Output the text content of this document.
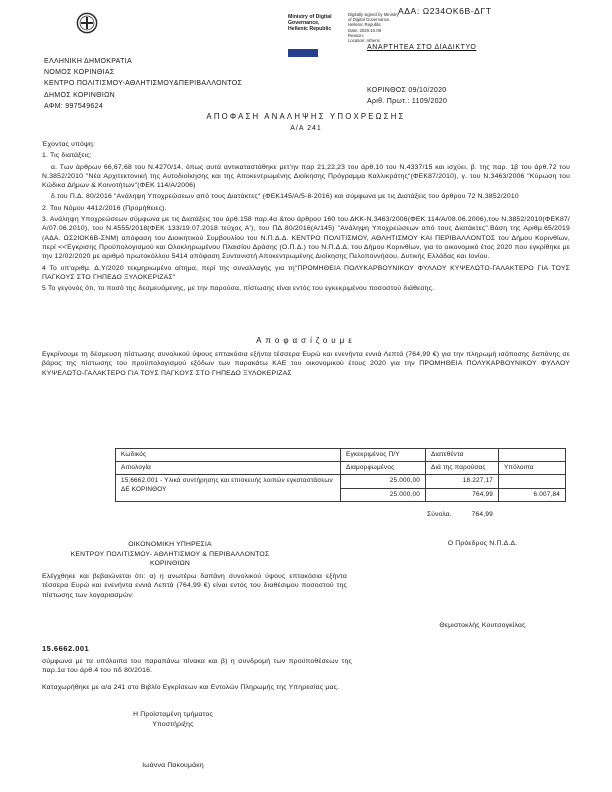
ΑΔΑ: Ω234ΟΚ6Β-ΔΓΤ
Ministry of Digital
Governance,
Hellenic Republic
Digitally signed by Ministry
of Digital Governance,
Hellenic Republic
Date: 2020.10.09
Reason:
Location: Athens
ΑΝΑΡΤΗΤΕΑ ΣΤΟ ΔΙΑΔΙΚΤΥΟ
ΕΛΛΗΝΙΚΗ ΔΗΜΟΚΡΑΤΙΑ
ΝΟΜΟΣ ΚΟΡΙΝΘΙΑΣ
ΚΕΝΤΡΟ ΠΟΛΙΤΙΣΜΟΥ-ΑΘΛΗΤΙΣΜΟΥ&ΠΕΡΙΒΑΛΛΟΝΤΟΣ
ΔΗΜΟΣ ΚΟΡΙΝΘΙΩΝ
ΑΦΜ: 997549624
ΚΟΡΙΝΘΟΣ 09/10/2020
Αριθ. Πρωτ.: 1109/2020
ΑΠΟΦΑΣΗ ΑΝΑΛΗΨΗΣ ΥΠΟΧΡΕΩΣΗΣ
Α/Α 241

Έχοντας υπόψη:

1. Τις διατάξεις:

α. Των άρθρων 66,67,68 του Ν.4270/14, όπως αυτά αντικαταστάθηκε μετ'ην παρ 21,22,23 του άρθ.10 του Ν.4337/15 και ισχύει, β. της παρ. 1β του άρθ.72 του Ν.3852/2010 "Νέα Αρχιτεκτονική της Αυτοδιοίκησης και της Αποκεντρωμένης Διοίκησης Πρόγραμμα Καλλικράτης"(ΦΕΚ87/2010), γ. του Ν.3463/2006 "Κύρωση του Κώδικα Δήμων & Κοινοτήτων"(ΦΕΚ 114/Α/2006)

δ.του Π.Δ. 80/2016 "Ανάληψη Υποχρεώσεων από τους Διατάκτες" (ΦΕΚ145/Α/5-8-2016) και σύμφωνα με τις Διατάξεις του άρθρου 72 Ν.3852/2010

2. Του Νόμου 4412/2016 (Προμήθειες).

3. Ανάληψη Υποχρεώσεων σύμφωνα με τις Διατάξεις του άρθ.158 παρ.4α &του άρθρου 160 του ΔΚΚ-Ν.3463/2006(ΦΕΚ 114/Α/08.06.2006),του Ν.3852/2010(ΦΕΚ87/Α/07.06.2010), του Ν.4555/2018(ΦΕΚ 133/19.07.2018 τεύχος Α'), του ΠΔ 80/2016(Α/145) "Ανάληψη Υποχρεώσεων από τους Διατάκτες".Βάση της Αριθμ.65/2019 (ΑΔΑ. ΩΣ2ΙΟΚ6Β-ΣΝΜ) απόφαση του Διοικητικού Συμβουλίου του Ν.Π.Δ.Δ. ΚΕΝΤΡΟ ΠΟΛΙΤΙΣΜΟΥ, ΑΘΛΗΤΙΣΜΟΥ ΚΑΙ ΠΕΡΙΒΑΛΛΟΝΤΟΣ του Δήμου Κορινθίων, περί <<Έγκρισης Προϋπολογισμού και Ολοκληρωμένου Πλαισίου Δράσης (Ο.Π.Δ.) του Ν.Π.Δ.Δ. του Δήμου Κορινθίων, για το οικονομικό έτος 2020 που εγκρίθηκε με την 12/02/2020 με αριθμό πρωτοκόλλου 5414 απόφαση Συντονιστή Αποκεντρωμένης Διοίκησης Πελοποννήσου, Δυτικής Ελλάδας και Ιονίου.

4 Το υπ'αριθμ. Δ.Υ/2020 τεκμηριωμένο αίτημα, περί της συναλλαγής για τη"ΠΡΟΜΗΘΕΙΑ ΠΟΛΥΚΑΡΒΟΥΝΙΚΟΥ ΦΥΛΛΟΥ ΚΥΨΕΛΩΤΟ-ΓΑΛΑΚΤΕΡΟ ΓΙΑ ΤΟΥΣ ΠΑΓΚΟΥΣ ΣΤΟ ΓΗΠΕΔΟ ΞΥΛΟΚΕΡΙΖΑΣ"

5 Το γεγονός ότι, το ποσό της δεσμευόμενης, με την παρούσα, πίστωσης είναι εντός του εγκεκριμένου ποσοστού διάθεσης.

Αποφασίζουμε
Εγκρίνουμε τη δέσμευση πίστωσης συνολικού ύψους επτακόσια εξήντα τέσσερα Ευρώ και ενενήντα εννιά Λεπτά (764,99 €) για την πληρωμή ισόποσης δαπάνης σε βάρος της πίστωσης του προϋπολογισμού εξόδων των παρακάτω ΚΑΕ του οικονομικού έτους 2020 για την ΠΡΟΜΗΘΕΙΑ ΠΟΛΥΚΑΡΒΟΥΝΙΚΟΥ ΦΥΛΛΟΥ ΚΥΨΕΛΩΤΟ-ΓΑΛΑΚΤΕΡΟ ΓΙΑ ΤΟΥΣ ΠΑΓΚΟΥΣ ΣΤΟ ΓΗΠΕΔΟ ΞΥΛΟΚΕΡΙΖΑΣ
Κωδικός	Εγκεκριμένος Π/Υ	Διατεθέντα	
Αιτιολογία	Διαμορφωμένος	Διά της παρούσας	Υπόλοιπα
15.6662.001 - Υλικά συντήρησης και επισκευής λοιπών εγκαταστάσεων ΔΕ ΚΟΡΙΝΘΟΥ	25.000,00	18.227,17	
	25.000,00	764,99	6.007,84
Σύνολα.	764,99
ΟΙΚΟΝΟΜΙΚΗ ΥΠΗΡΕΣΙΑ
ΚΕΝΤΡΟΥ ΠΟΛΙΤΙΣΜΟΥ- ΑΘΛΗΤΙΣΜΟΥ & ΠΕΡΙΒΑΛΛΟΝΤΟΣ
ΚΟΡΙΝΘΙΩΝ
Ο Πρόεδρος Ν.Π.Δ.Δ.
Ελέγχθηκε και βεβαιώνεται ότι: α) η ανωτέρω δαπάνη συνολικού ύψους επτακόσια εξήντα τέσσερα Ευρώ και ενενήντα εννιά Λεπτά (764,99 €) είναι εντός του διαθέσιμου ποσοστού της πίστωσης των λογαριασμών:
Θεμιστοκλής Κουτσογκίλας
15.6662.001
σύμφωνα με τα υπόλοιπα του παραπάνω πίνακα και β) η συνδρομή των προϋποθέσεων της παρ.1α του άρθ.4 του πδ 80/2016.
Καταχωρήθηκε με α/α 241 στο Βιβλίο Εγκρίσεων και Εντολών Πληρωμής της Υπηρεσίας μας.
Η Προϊσταμένη τμήματος
Υποστήριξης
Ιωάννα Πακουμάκη
